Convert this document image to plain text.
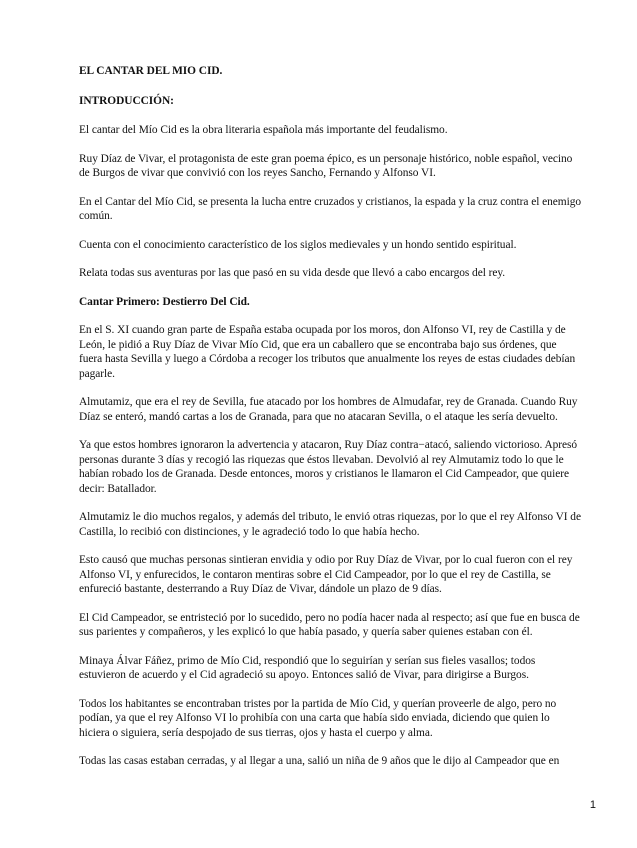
EL CANTAR DEL MIO CID.
INTRODUCCIÓN:

El cantar del Mío Cid es la obra literaria española más importante del feudalismo.

Ruy Díaz de Vivar, el protagonista de este gran poema épico, es un personaje histórico, noble español, vecino de Burgos de vivar que convivió con los reyes Sancho, Fernando y Alfonso VI.

En el Cantar del Mío Cid, se presenta la lucha entre cruzados y cristianos, la espada y la cruz contra el enemigo común.

Cuenta con el conocimiento característico de los siglos medievales y un hondo sentido espiritual.

Relata todas sus aventuras por las que pasó en su vida desde que llevó a cabo encargos del rey.

Cantar Primero: Destierro Del Cid.

En el S. XI cuando gran parte de España estaba ocupada por los moros, don Alfonso VI, rey de Castilla y de León, le pidió a Ruy Díaz de Vivar Mío Cid, que era un caballero que se encontraba bajo sus órdenes, que fuera hasta Sevilla y luego a Córdoba a recoger los tributos que anualmente los reyes de estas ciudades debían pagarle.

Almutamiz, que era el rey de Sevilla, fue atacado por los hombres de Almudafar, rey de Granada. Cuando Ruy Díaz se enteró, mandó cartas a los de Granada, para que no atacaran Sevilla, o el ataque les sería devuelto.

Ya que estos hombres ignoraron la advertencia y atacaron, Ruy Díaz contra−atacó, saliendo victorioso. Apresó personas durante 3 días y recogió las riquezas que éstos llevaban. Devolvió al rey Almutamiz todo lo que le habían robado los de Granada. Desde entonces, moros y cristianos le llamaron el Cid Campeador, que quiere decir: Batallador.

Almutamiz le dio muchos regalos, y además del tributo, le envió otras riquezas, por lo que el rey Alfonso VI de Castilla, lo recibió con distinciones, y le agradeció todo lo que había hecho.

Esto causó que muchas personas sintieran envidia y odio por Ruy Díaz de Vivar, por lo cual fueron con el rey Alfonso VI, y enfurecidos, le contaron mentiras sobre el Cid Campeador, por lo que el rey de Castilla, se enfureció bastante, desterrando a Ruy Díaz de Vivar, dándole un plazo de 9 días.

El Cid Campeador, se entristeció por lo sucedido, pero no podía hacer nada al respecto; así que fue en busca de sus parientes y compañeros, y les explicó lo que había pasado, y quería saber quienes estaban con él.

Minaya Álvar Fáñez, primo de Mío Cid, respondió que lo seguirían y serían sus fieles vasallos; todos estuvieron de acuerdo y el Cid agradeció su apoyo. Entonces salió de Vivar, para dirigirse a Burgos.

Todos los habitantes se encontraban tristes por la partida de Mío Cid, y querían proveerle de algo, pero no podían, ya que el rey Alfonso VI lo prohibía con una carta que había sido enviada, diciendo que quien lo hiciera o siguiera, sería despojado de sus tierras, ojos y hasta el cuerpo y alma.

Todas las casas estaban cerradas, y al llegar a una, salió un niña de 9 años que le dijo al Campeador que en

1
